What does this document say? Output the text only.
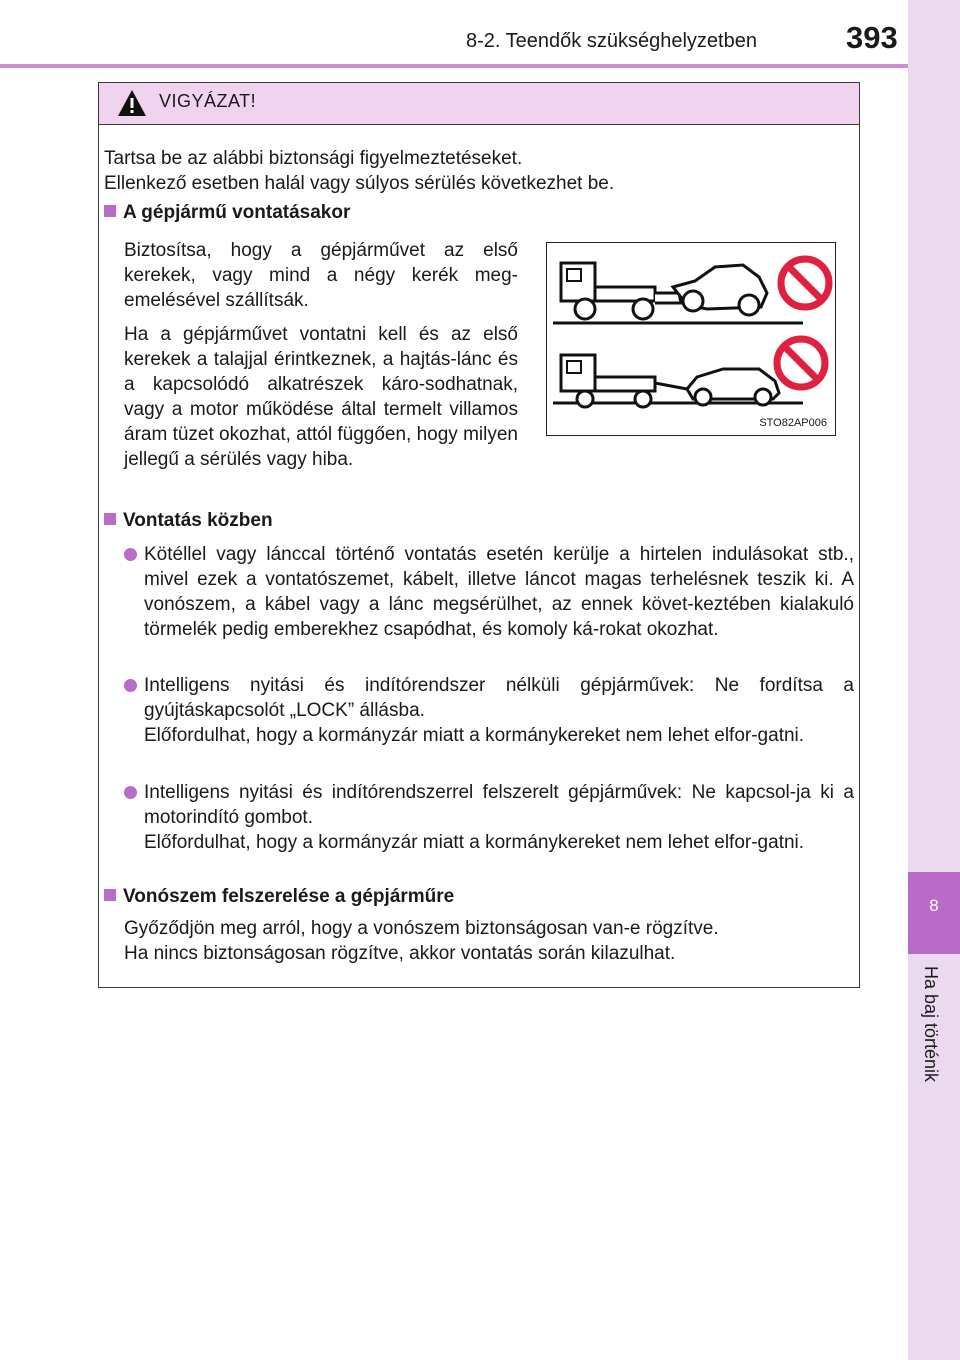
8-2. Teendők szükséghelyzetben	393
8
Ha baj történik
VIGYÁZAT!

Tartsa be az alábbi biztonsági figyelmeztetéseket.

Ellenkező esetben halál vagy súlyos sérülés következhet be.

A gépjármű vontatásakor

Biztosítsa, hogy a gépjárművet az első kerekek, vagy mind a négy kerék meg-emelésével szállítsák.

Ha a gépjárművet vontatni kell és az első kerekek a talajjal érintkeznek, a hajtás-lánc és a kapcsolódó alkatrészek káro-sodhatnak, vagy a motor működése által termelt villamos áram tüzet okozhat, attól függően, hogy milyen jellegű a sérülés vagy hiba.

STO82AP006
Vontatás közben

Kötéllel vagy lánccal történő vontatás esetén kerülje a hirtelen indulásokat stb., mivel ezek a vontatószemet, kábelt, illetve láncot magas terhelésnek teszik ki. A vonószem, a kábel vagy a lánc megsérülhet, az ennek követ-keztében kialakuló törmelék pedig emberekhez csapódhat, és komoly ká-rokat okozhat.

Intelligens nyitási és indítórendszer nélküli gépjárművek: Ne fordítsa a gyújtáskapcsolót „LOCK” állásba.

Előfordulhat, hogy a kormányzár miatt a kormánykereket nem lehet elfor-gatni.

Intelligens nyitási és indítórendszerrel felszerelt gépjárművek: Ne kapcsol-ja ki a motorindító gombot.

Előfordulhat, hogy a kormányzár miatt a kormánykereket nem lehet elfor-gatni.

Vonószem felszerelése a gépjárműre

Győződjön meg arról, hogy a vonószem biztonságosan van-e rögzítve.

Ha nincs biztonságosan rögzítve, akkor vontatás során kilazulhat.
